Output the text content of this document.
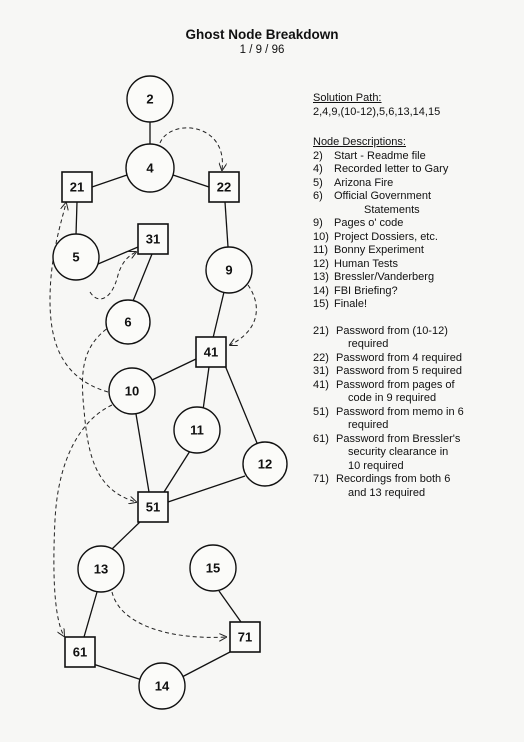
Ghost Node Breakdown
1 / 9 / 96
2
4
21	22
5
31
9
6
41
10
11
12
51
13	15
61
71
14
Solution Path:
2,4,9,(10-12),5,6,13,14,15
Node Descriptions:
2)	Start - Readme file
4)	Recorded letter to Gary
5)	Arizona Fire
6)	Official Government
Statements
9)	Pages o' code
10) Project Dossiers, etc.
11) Bonny Experiment
12) Human Tests
13) Bressler/Vanderberg
14) FBI Briefing?
15) Finale!
21) Password from (10-12)
required
22) Password from 4 required
31) Password from 5 required
41) Password from pages of
code in 9 required
51) Password from memo in 6
required
61) Password from Bressler's
security clearance in
10 required
71) Recordings from both 6
and 13 required
